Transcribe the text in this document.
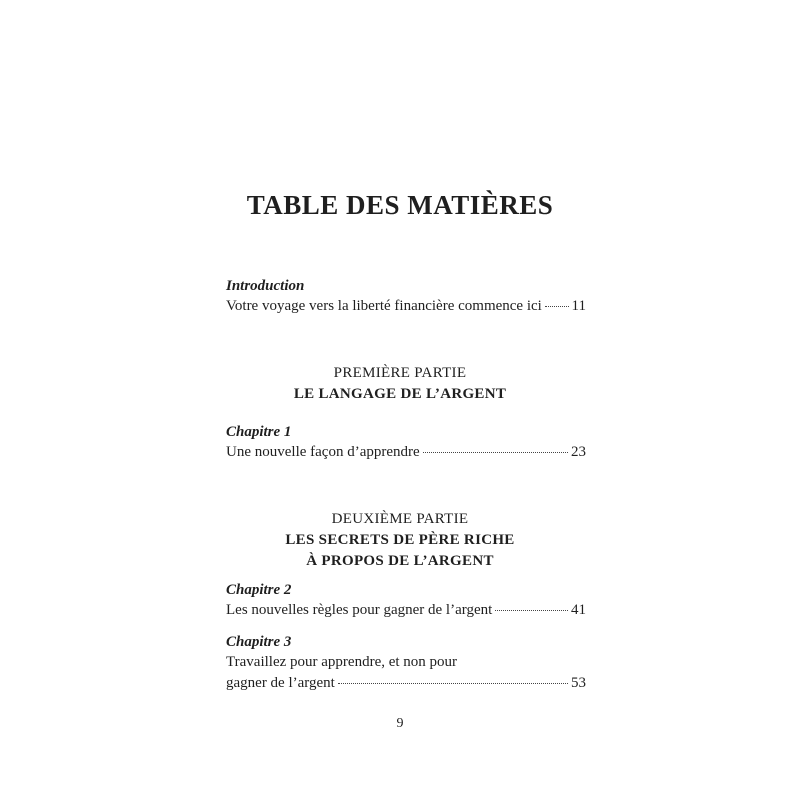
TABLE DES MATIÈRES
Introduction
Votre voyage vers la liberté financière commence ici 11
PREMIÈRE PARTIE
LE LANGAGE DE L’ARGENT
Chapitre 1
Une nouvelle façon d’apprendre	23
DEUXIÈME PARTIE
LES SECRETS DE PÈRE RICHE
À PROPOS DE L’ARGENT
Chapitre 2
Les nouvelles règles pour gagner de l’argent	41
Chapitre 3
Travaillez pour apprendre, et non pour
gagner de l’argent	53
9
